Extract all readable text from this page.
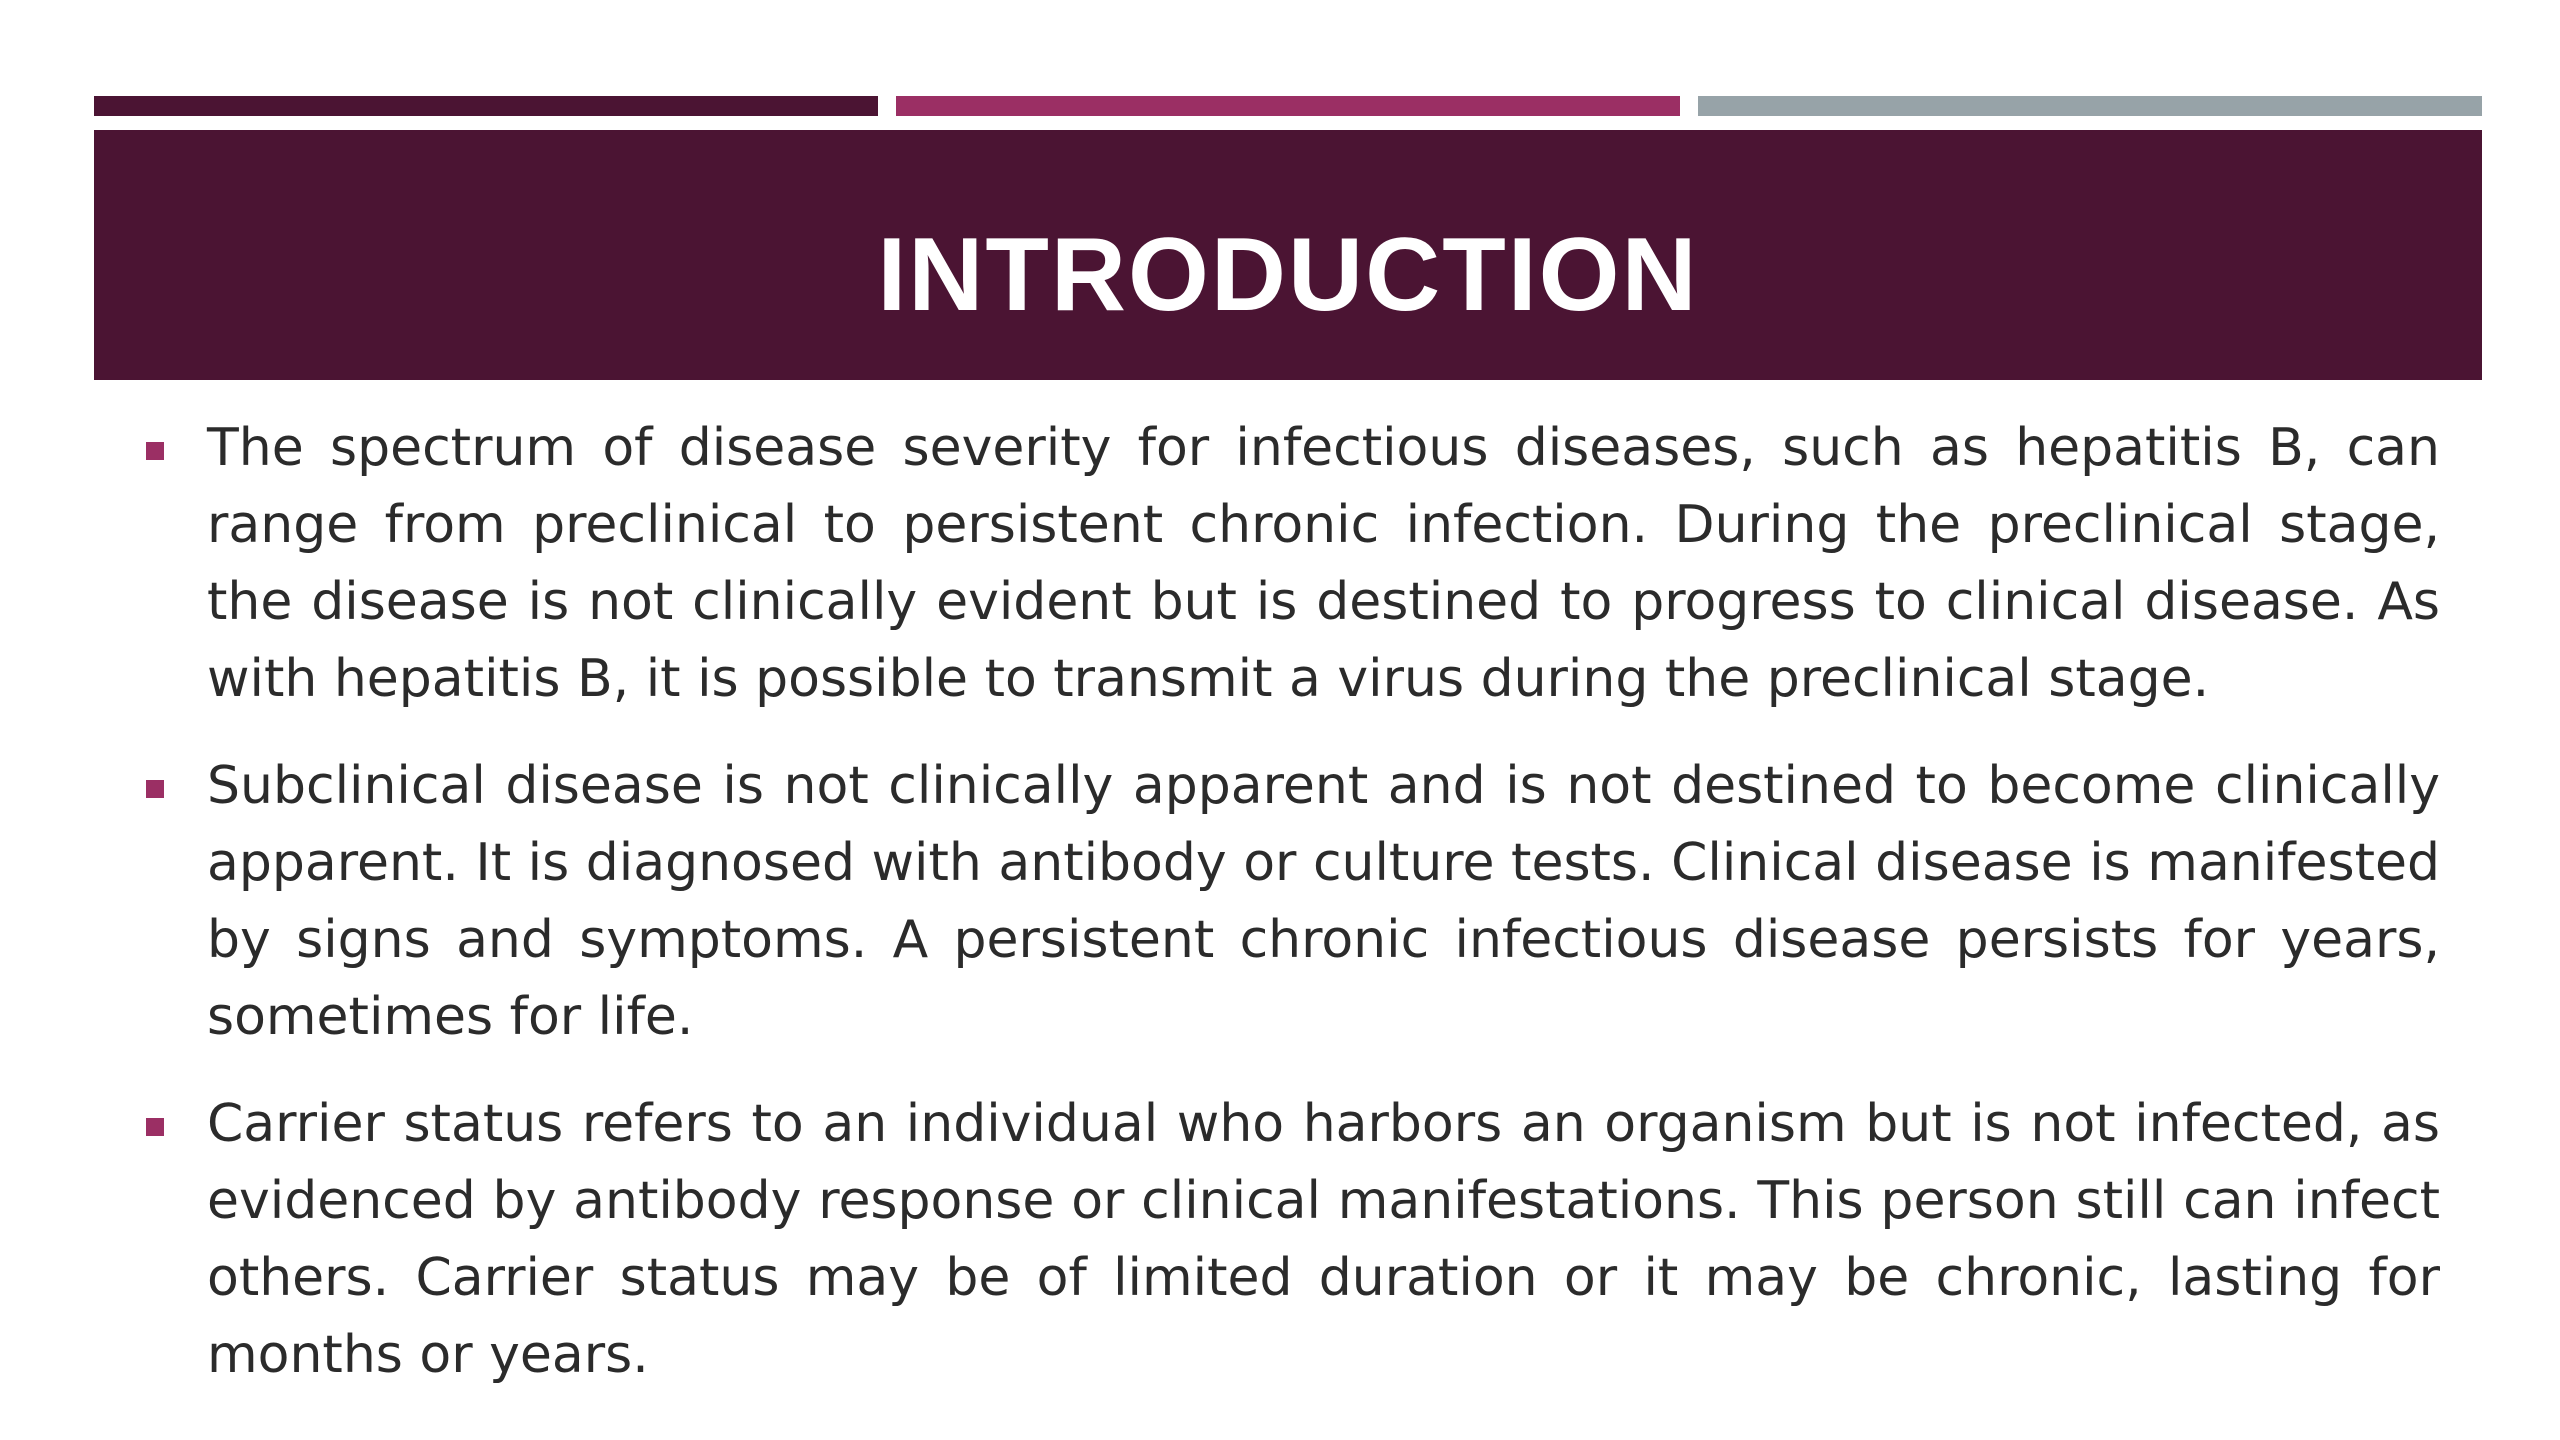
INTRODUCTION

The spectrum of disease severity for infectious diseases, such as hepatitis B, can range from preclinical to persistent chronic infection. During the preclinical stage, the disease is not clinically evident but is destined to progress to clinical disease. As with hepatitis B, it is possible to transmit a virus during the preclinical stage.

Subclinical disease is not clinically apparent and is not destined to become clinically apparent. It is diagnosed with antibody or culture tests. Clinical disease is manifested by signs and symptoms. A persistent chronic infectious disease persists for years, sometimes for life.

Carrier status refers to an individual who harbors an organism but is not infected, as evidenced by antibody response or clinical manifestations. This person still can infect others. Carrier status may be of limited duration or it may be chronic, lasting for months or years.
